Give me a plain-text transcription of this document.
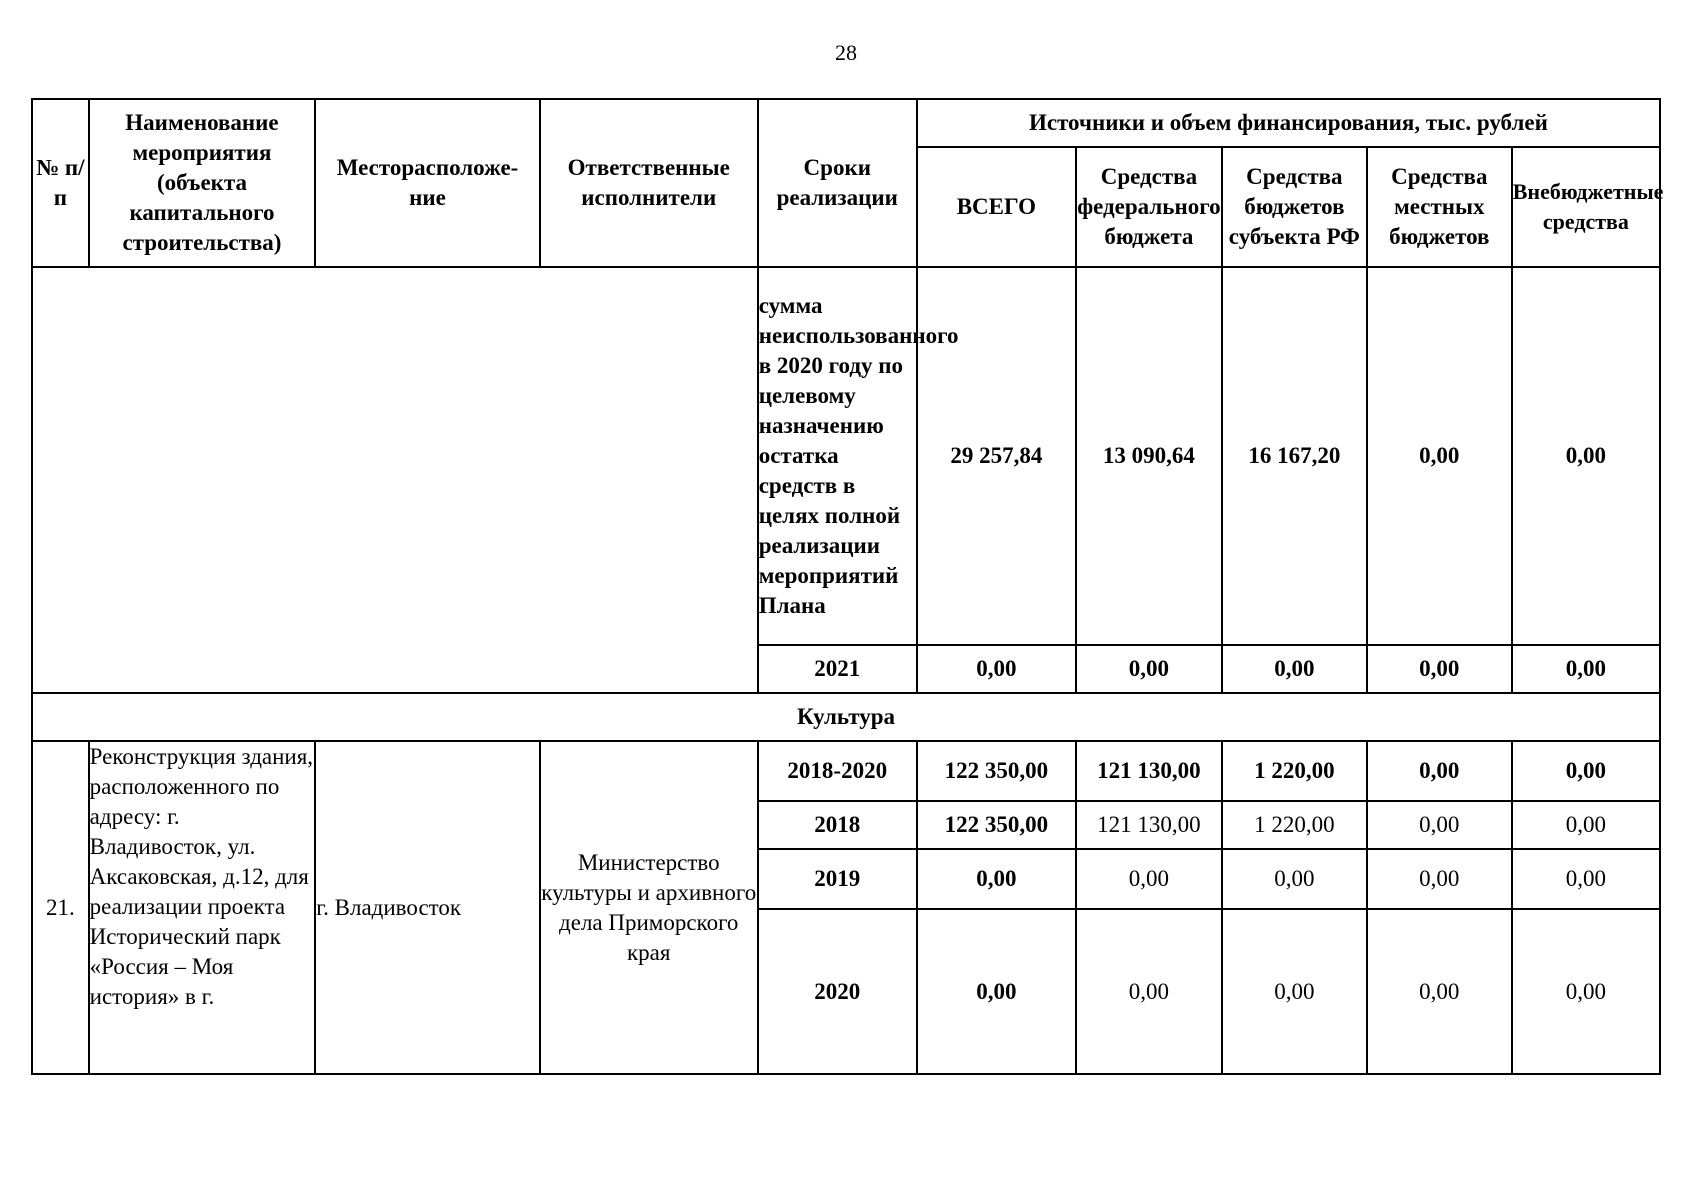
28
№ п/п	Наименование мероприятия (объекта капитального строительства)	Месторасположе- ние	Ответственные исполнители	Сроки реализации	Источники и объем финансирования, тыс. рублей				
					ВСЕГО	Средства федерального бюджета	Средства бюджетов субъекта РФ	Средства местных бюджетов	Внебюджетные средства
				сумма неиспользованного в 2020 году по целевому назначению остатка средств в целях полной реализации мероприятий Плана	29 257,84	13 090,64	16 167,20	0,00	0,00
				2021	0,00	0,00	0,00	0,00	0,00
Культура									
21.	Реконструкция здания, расположенного по адресу: г. Владивосток, ул. Аксаковская, д.12, для реализации проекта Исторический парк «Россия – Моя история» в г.	г. Владивосток	Министерство культуры и архивного дела Приморского края	2018-2020	122 350,00	121 130,00	1 220,00	0,00	0,00
				2018	122 350,00	121 130,00	1 220,00	0,00	0,00
				2019	0,00	0,00	0,00	0,00	0,00
				2020	0,00	0,00	0,00	0,00	0,00
